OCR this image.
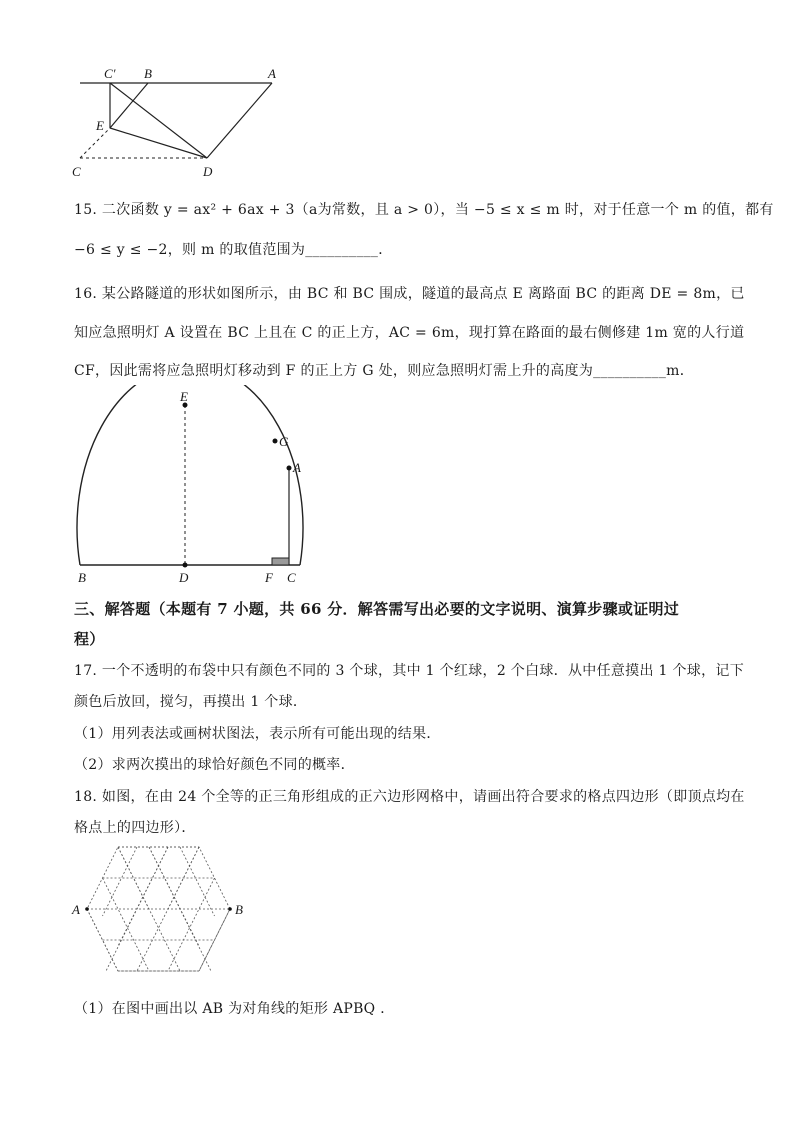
C′ B	A
E
C	D
15. 二次函数 y = ax² + 6ax + 3（a为常数，且 a > 0），当 −5 ≤ x ≤ m 时，对于任意一个 m 的值，都有
−6 ≤ y ≤ −2，则 m 的取值范围为__________．
16. 某公路隧道的形状如图所示，由 BC 和 BC 围成，隧道的最高点 E 离路面 BC 的距离 DE = 8m，已
知应急照明灯 A 设置在 BC 上且在 C 的正上方，AC = 6m，现打算在路面的最右侧修建 1m 宽的人行道
CF，因此需将应急照明灯移动到 F 的正上方 G 处，则应急照明灯需上升的高度为__________m．
E
G
A
B	D	F C
三、解答题（本题有 7 小题，共 66 分．解答需写出必要的文字说明、演算步骤或证明过
程）
17. 一个不透明的布袋中只有颜色不同的 3 个球，其中 1 个红球，2 个白球．从中任意摸出 1 个球，记下
颜色后放回，搅匀，再摸出 1 个球．
（1）用列表法或画树状图法，表示所有可能出现的结果．
（2）求两次摸出的球恰好颜色不同的概率．
18. 如图，在由 24 个全等的正三角形组成的正六边形网格中，请画出符合要求的格点四边形（即顶点均在
格点上的四边形）．
A	B
（1）在图中画出以 AB 为对角线的矩形 APBQ ．
